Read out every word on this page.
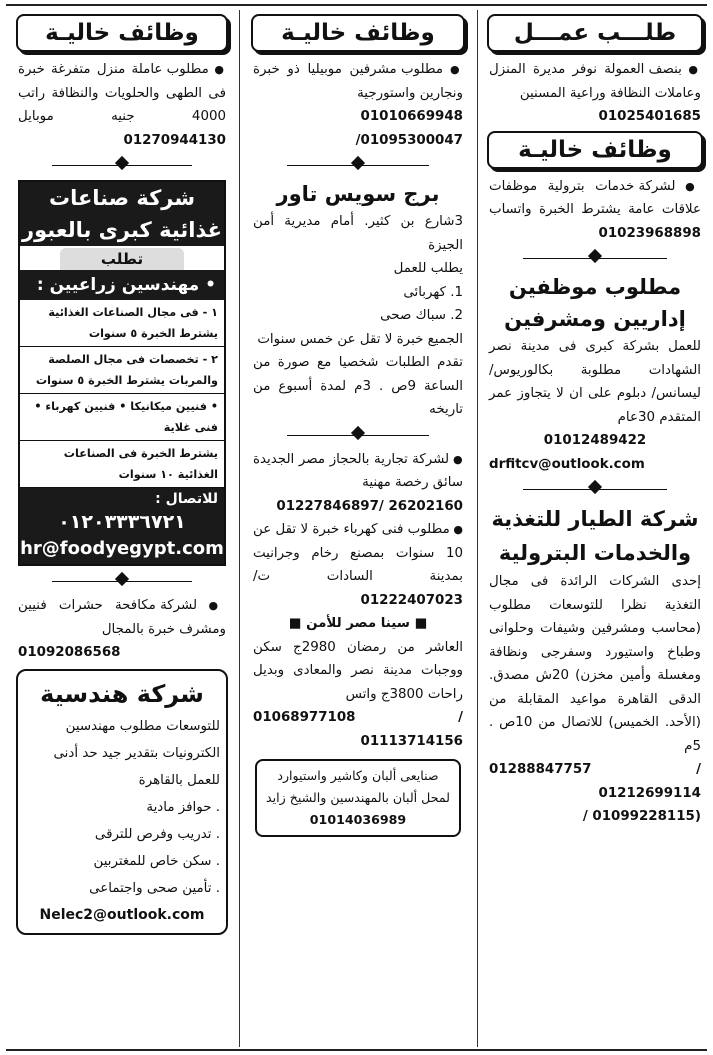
طلـــب عمـــل

● بنصف العمولة نوفر مديرة المنزل وعاملات النظافة وراعية المسنين

01025401685

وظائف خاليـة

● لشركة خدمات بترولية موظفات علاقات عامة يشترط الخبرة واتساب 01023968898

مطلوب موظفين
إداريين ومشرفين

للعمل بشركة كبرى فى مدينة نصر الشهادات مطلوبة بكالوريوس/ ليسانس/ دبلوم على ان لا يتجاوز عمر المتقدم 30عام

01012489422

drfitcv@outlook.com

شركة الطيار للتغذية
والخدمات البترولية

إحدى الشركات الرائدة فى مجال التغذية نظرا للتوسعات مطلوب (محاسب ومشرفين وشيفات وحلوانى وطباخ واستيورد وسفرجى ونظافة ومغسلة وأمين مخزن) 20ش مصدق. الدقى القاهرة مواعيد المقابلة من (الأحد. الخميس) للاتصال من 10ص . 5م

01288847757 / 01212699114

/ 01099228115)

وظائف خاليـة

● مطلوب مشرفين موبيليا ذو خبرة ونجارين واستورجية

01010669948 /01095300047

برج سويس تاور

3شارع بن كثير. أمام مديرية أمن الجيزة

يطلب للعمل

1. كهربائى

2. سباك صحى

الجميع خبرة لا تقل عن خمس سنوات

تقدم الطلبات شخصيا مع صورة من الساعة 9ص . 3م لمدة أسبوع من تاريخه

● لشركة تجارية بالحجاز مصر الجديدة سائق رخصة مهنية

01227846897/ 26202160

● مطلوب فنى كهرباء خبرة لا تقل عن 10 سنوات بمصنع رخام وجرانيت بمدينة السادات ت/ 01222407023

■ سينا مصر للأمن ■

العاشر من رمضان 2980ج سكن ووجبات مدينة نصر والمعادى وبديل راحات 3800ج واتس

01068977108 / 01113714156

صنايعى ألبان وكاشير واستيوارد لمحل ألبان بالمهندسين والشيخ زايد
01014036989
وظائف خاليـة

● مطلوب عاملة منزل متفرغة خبرة فى الطهى والحلويات والنظافة راتب 4000 جنيه موبايل 01270944130

شركة صناعات غذائية كبرى بالعبور
تطلب
• مهندسين زراعيين :
١ - فى مجال الصناعات الغذائية يشترط الخبرة ٥ سنوات
٢ - تخصصات فى مجال الصلصة والمربات يشترط الخبرة ٥ سنوات
• فنيين ميكانيكا • فنيين كهرباء • فنى غلاية
يشترط الخبرة فى الصناعات الغذائية ١٠ سنوات
للاتصال :
٠١٢٠٣٣٣٦٧٢١
hr@foodyegypt.com

● لشركة مكافحة حشرات فنيين ومشرف خبرة بالمجال

01092086568

شركة هندسية
للتوسعات مطلوب مهندسين الكترونيات بتقدير جيد حد أدنى للعمل بالقاهرة
. حوافز مادية
. تدريب وفرص للترقى
. سكن خاص للمغتربين
. تأمين صحى واجتماعى
Nelec2@outlook.com
